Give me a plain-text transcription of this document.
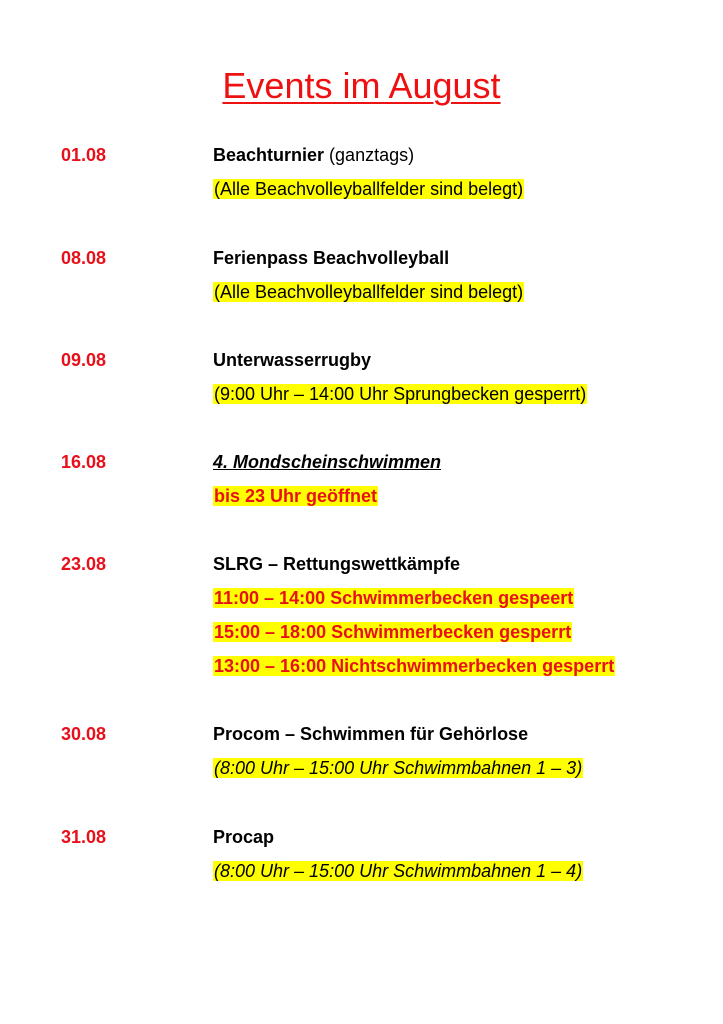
Events im August
01.08	Beachturnier (ganztags)
(Alle Beachvolleyballfelder sind belegt)
08.08	Ferienpass Beachvolleyball
(Alle Beachvolleyballfelder sind belegt)
09.08	Unterwasserrugby
(9:00 Uhr – 14:00 Uhr Sprungbecken gesperrt)
16.08	4. Mondscheinschwimmen
bis 23 Uhr geöffnet
23.08	SLRG – Rettungswettkämpfe
11:00 – 14:00 Schwimmerbecken gespeert
15:00 – 18:00 Schwimmerbecken gesperrt
13:00 – 16:00 Nichtschwimmerbecken gesperrt
30.08	Procom – Schwimmen für Gehörlose
(8:00 Uhr – 15:00 Uhr Schwimmbahnen 1 – 3)
31.08	Procap
(8:00 Uhr – 15:00 Uhr Schwimmbahnen 1 – 4)
